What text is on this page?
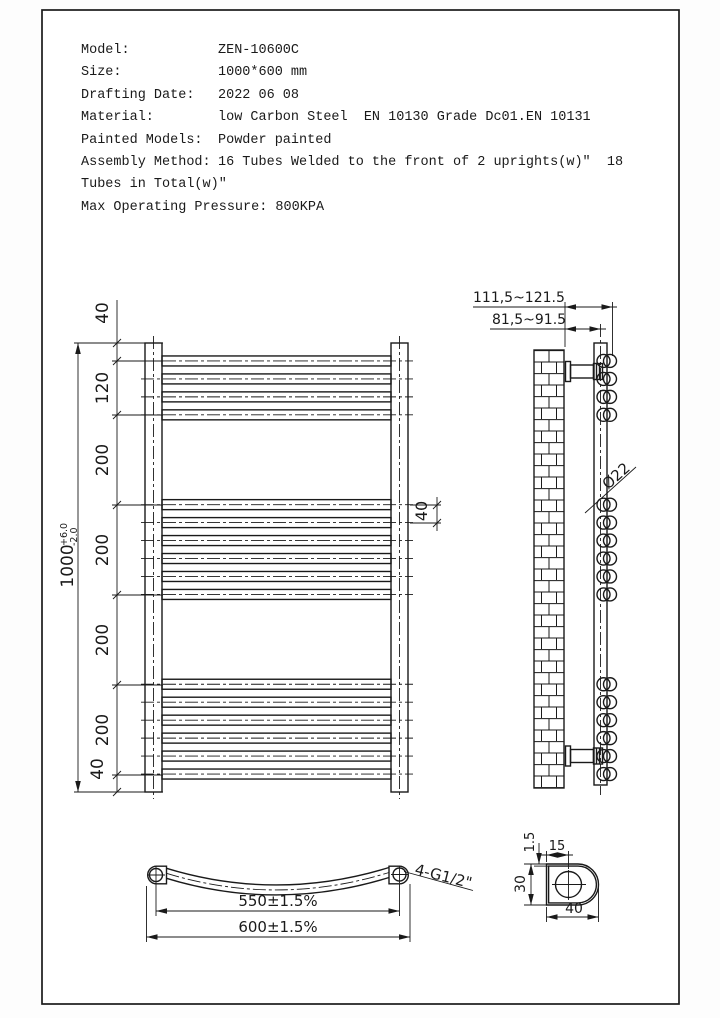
40
120
200
200
200
200
40
1000
+6.0 -2.0
40
111,5~121.5
81,5~91.5
Ø22
4-G1/2"
550±1.5%
600±1.5%
15
1.5
30
40
Model:	ZEN-10600C
Size:	1000*600 mm
Drafting Date:	2022 06 08
Material:	low Carbon Steel  EN 10130 Grade Dc01.EN 10131
Painted Models:	Powder painted
Assembly Method: 16 Tubes Welded to the front of 2 uprights(w)"  18
Tubes in Total(w)"
Max Operating Pressure: 800KPA
